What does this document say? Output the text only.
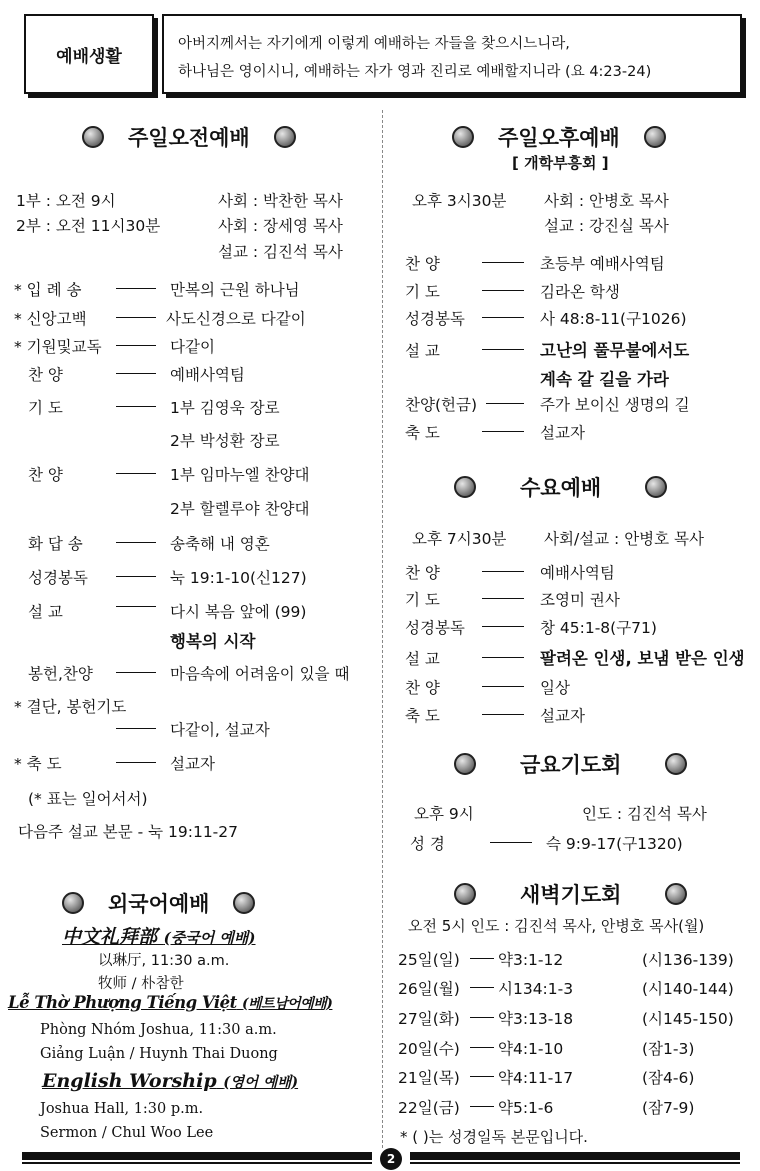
예배생활
아버지께서는 자기에게 이렇게 예배하는 자들을 찾으시느니라,
하나님은 영이시니, 예배하는 자가 영과 진리로 예배할지니라 (요 4:23-24)
주일오전예배
1부 : 오전 9시	사회 : 박찬한 목사
2부 : 오전 11시30분	사회 : 장세영 목사
설교 : 김진석 목사
* 입 례 송	만복의 근원 하나님
* 신앙고백	사도신경으로 다같이
* 기원및교독	다같이
찬 양	예배사역팀
기 도	1부 김영욱 장로
2부 박성환 장로
찬 양	1부 임마누엘 찬양대
2부 할렐루야 찬양대
화 답 송	송축해 내 영혼
성경봉독	눅 19:1-10(신127)
설 교	다시 복음 앞에 (99)
행복의 시작
봉헌,찬양	마음속에 어려움이 있을 때
* 결단, 봉헌기도
다같이, 설교자
* 축 도	설교자
(* 표는 일어서서)
다음주 설교 본문 - 눅 19:11-27
외국어예배
中文礼拜部 (중국어 예배)
以琳厅, 11:30 a.m.
牧师 / 朴참한
Lễ Thờ Phượng Tiếng Việt (베트남어예배)
Phòng Nhóm Joshua, 11:30 a.m.
Giảng Luận / Huynh Thai Duong
English Worship (영어 예배)
Joshua Hall, 1:30 p.m.
Sermon / Chul Woo Lee
주일오후예배
[ 개학부흥회 ]
오후 3시30분 사회 : 안병호 목사
설교 : 강진실 목사
찬 양	초등부 예배사역팀
기 도	김라온 학생
성경봉독	사 48:8-11(구1026)
설 교	고난의 풀무불에서도
계속 갈 길을 가라
찬양(헌금)	주가 보이신 생명의 길
축 도	설교자
수요예배
오후 7시30분 사회/설교 : 안병호 목사
찬 양	예배사역팀
기 도	조영미 권사
성경봉독	창 45:1-8(구71)
설 교	팔려온 인생, 보냄 받은 인생
찬 양	일상
축 도	설교자
금요기도회
오후 9시	인도 : 김진석 목사
성 경	슥 9:9-17(구1320)
새벽기도회
오전 5시 인도 : 김진석 목사, 안병호 목사(월)
25일(일) 약3:1-12	(시136-139)
26일(월) 시134:1-3	(시140-144)
27일(화) 약3:13-18	(시145-150)
20일(수) 약4:1-10	(잠1-3)
21일(목) 약4:11-17	(잠4-6)
22일(금) 약5:1-6	(잠7-9)
* ( )는 성경일독 본문입니다.
2
